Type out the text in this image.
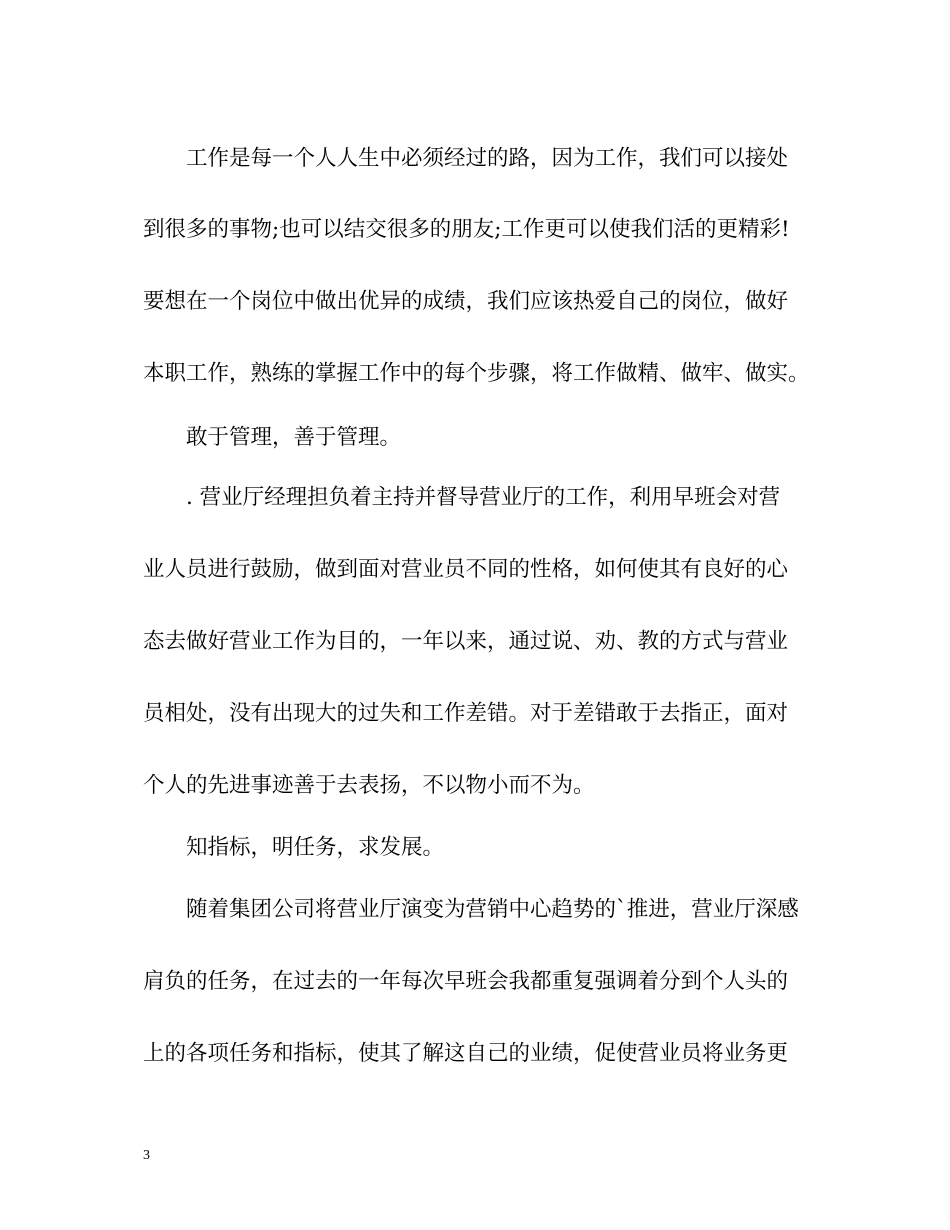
工作是每一个人人生中必须经过的路，因为工作，我们可以接处
到很多的事物;也可以结交很多的朋友;工作更可以使我们活的更精彩!
要想在一个岗位中做出优异的成绩，我们应该热爱自己的岗位，做好
本职工作，熟练的掌握工作中的每个步骤，将工作做精、做牢、做实。
敢于管理，善于管理。
. 营业厅经理担负着主持并督导营业厅的工作，利用早班会对营
业人员进行鼓励，做到面对营业员不同的性格，如何使其有良好的心
态去做好营业工作为目的，一年以来，通过说、劝、教的方式与营业
员相处，没有出现大的过失和工作差错。对于差错敢于去指正，面对
个人的先进事迹善于去表扬，不以物小而不为。
知指标，明任务，求发展。
随着集团公司将营业厅演变为营销中心趋势的`推进，营业厅深感
肩负的任务，在过去的一年每次早班会我都重复强调着分到个人头的
上的各项任务和指标，使其了解这自己的业绩，促使营业员将业务更
3
